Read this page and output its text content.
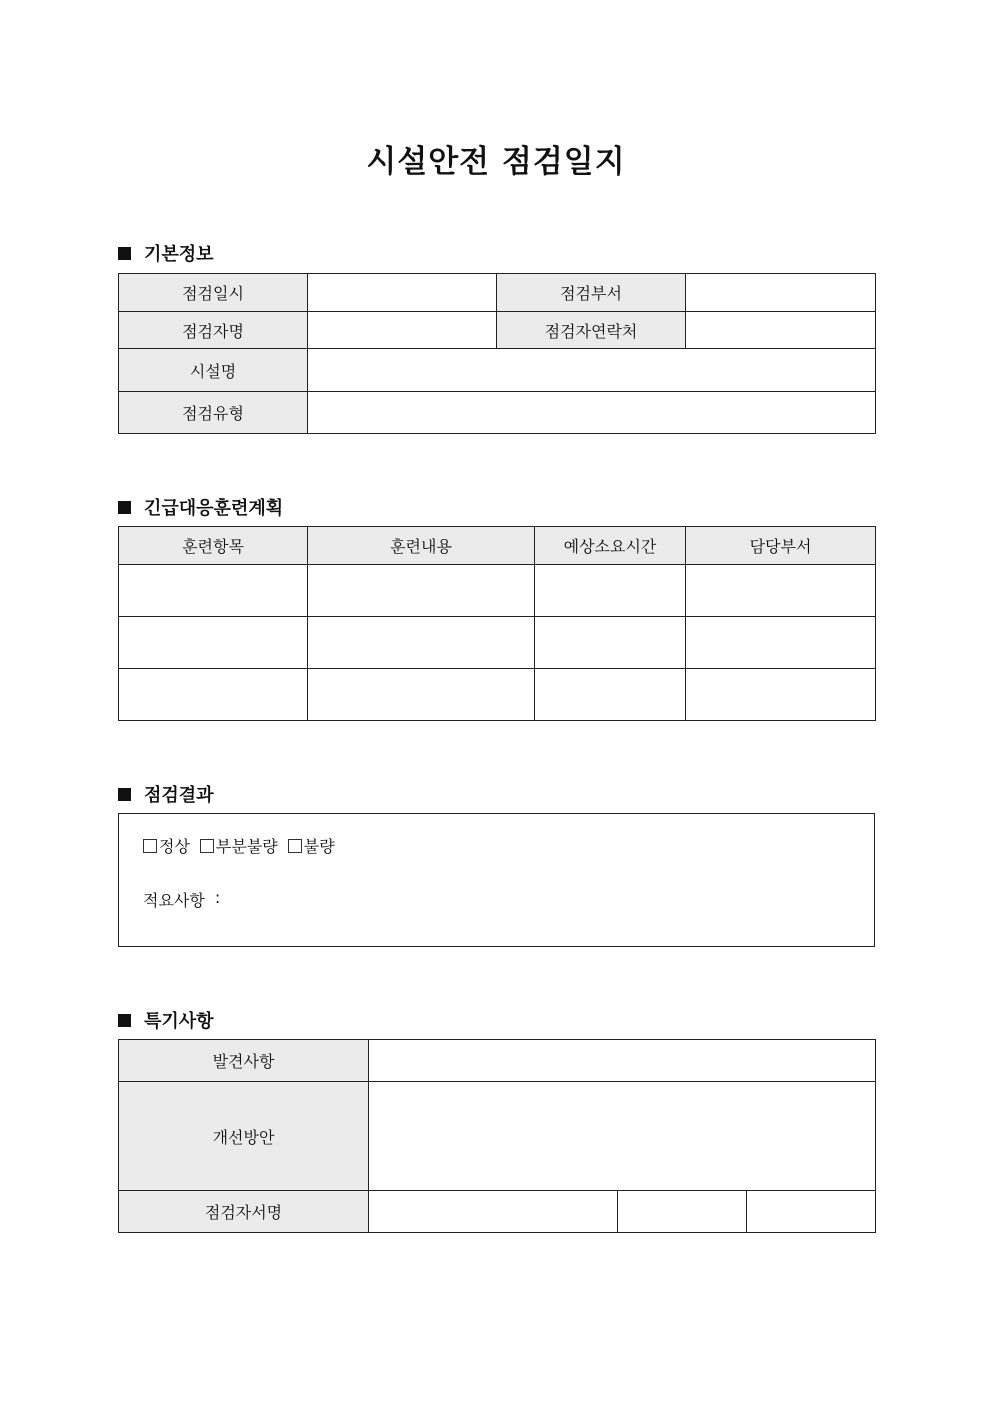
시설안전 점검일지
기본정보
점검일시		점검부서	
점검자명		점검자연락처	
시설명			
점검유형			
긴급대응훈련계획
훈련항목	훈련내용	예상소요시간	담당부서

점검결과
정상 부분불량 불량
적요사항 :
특기사항
발견사항			
개선방안			
점검자서명			
